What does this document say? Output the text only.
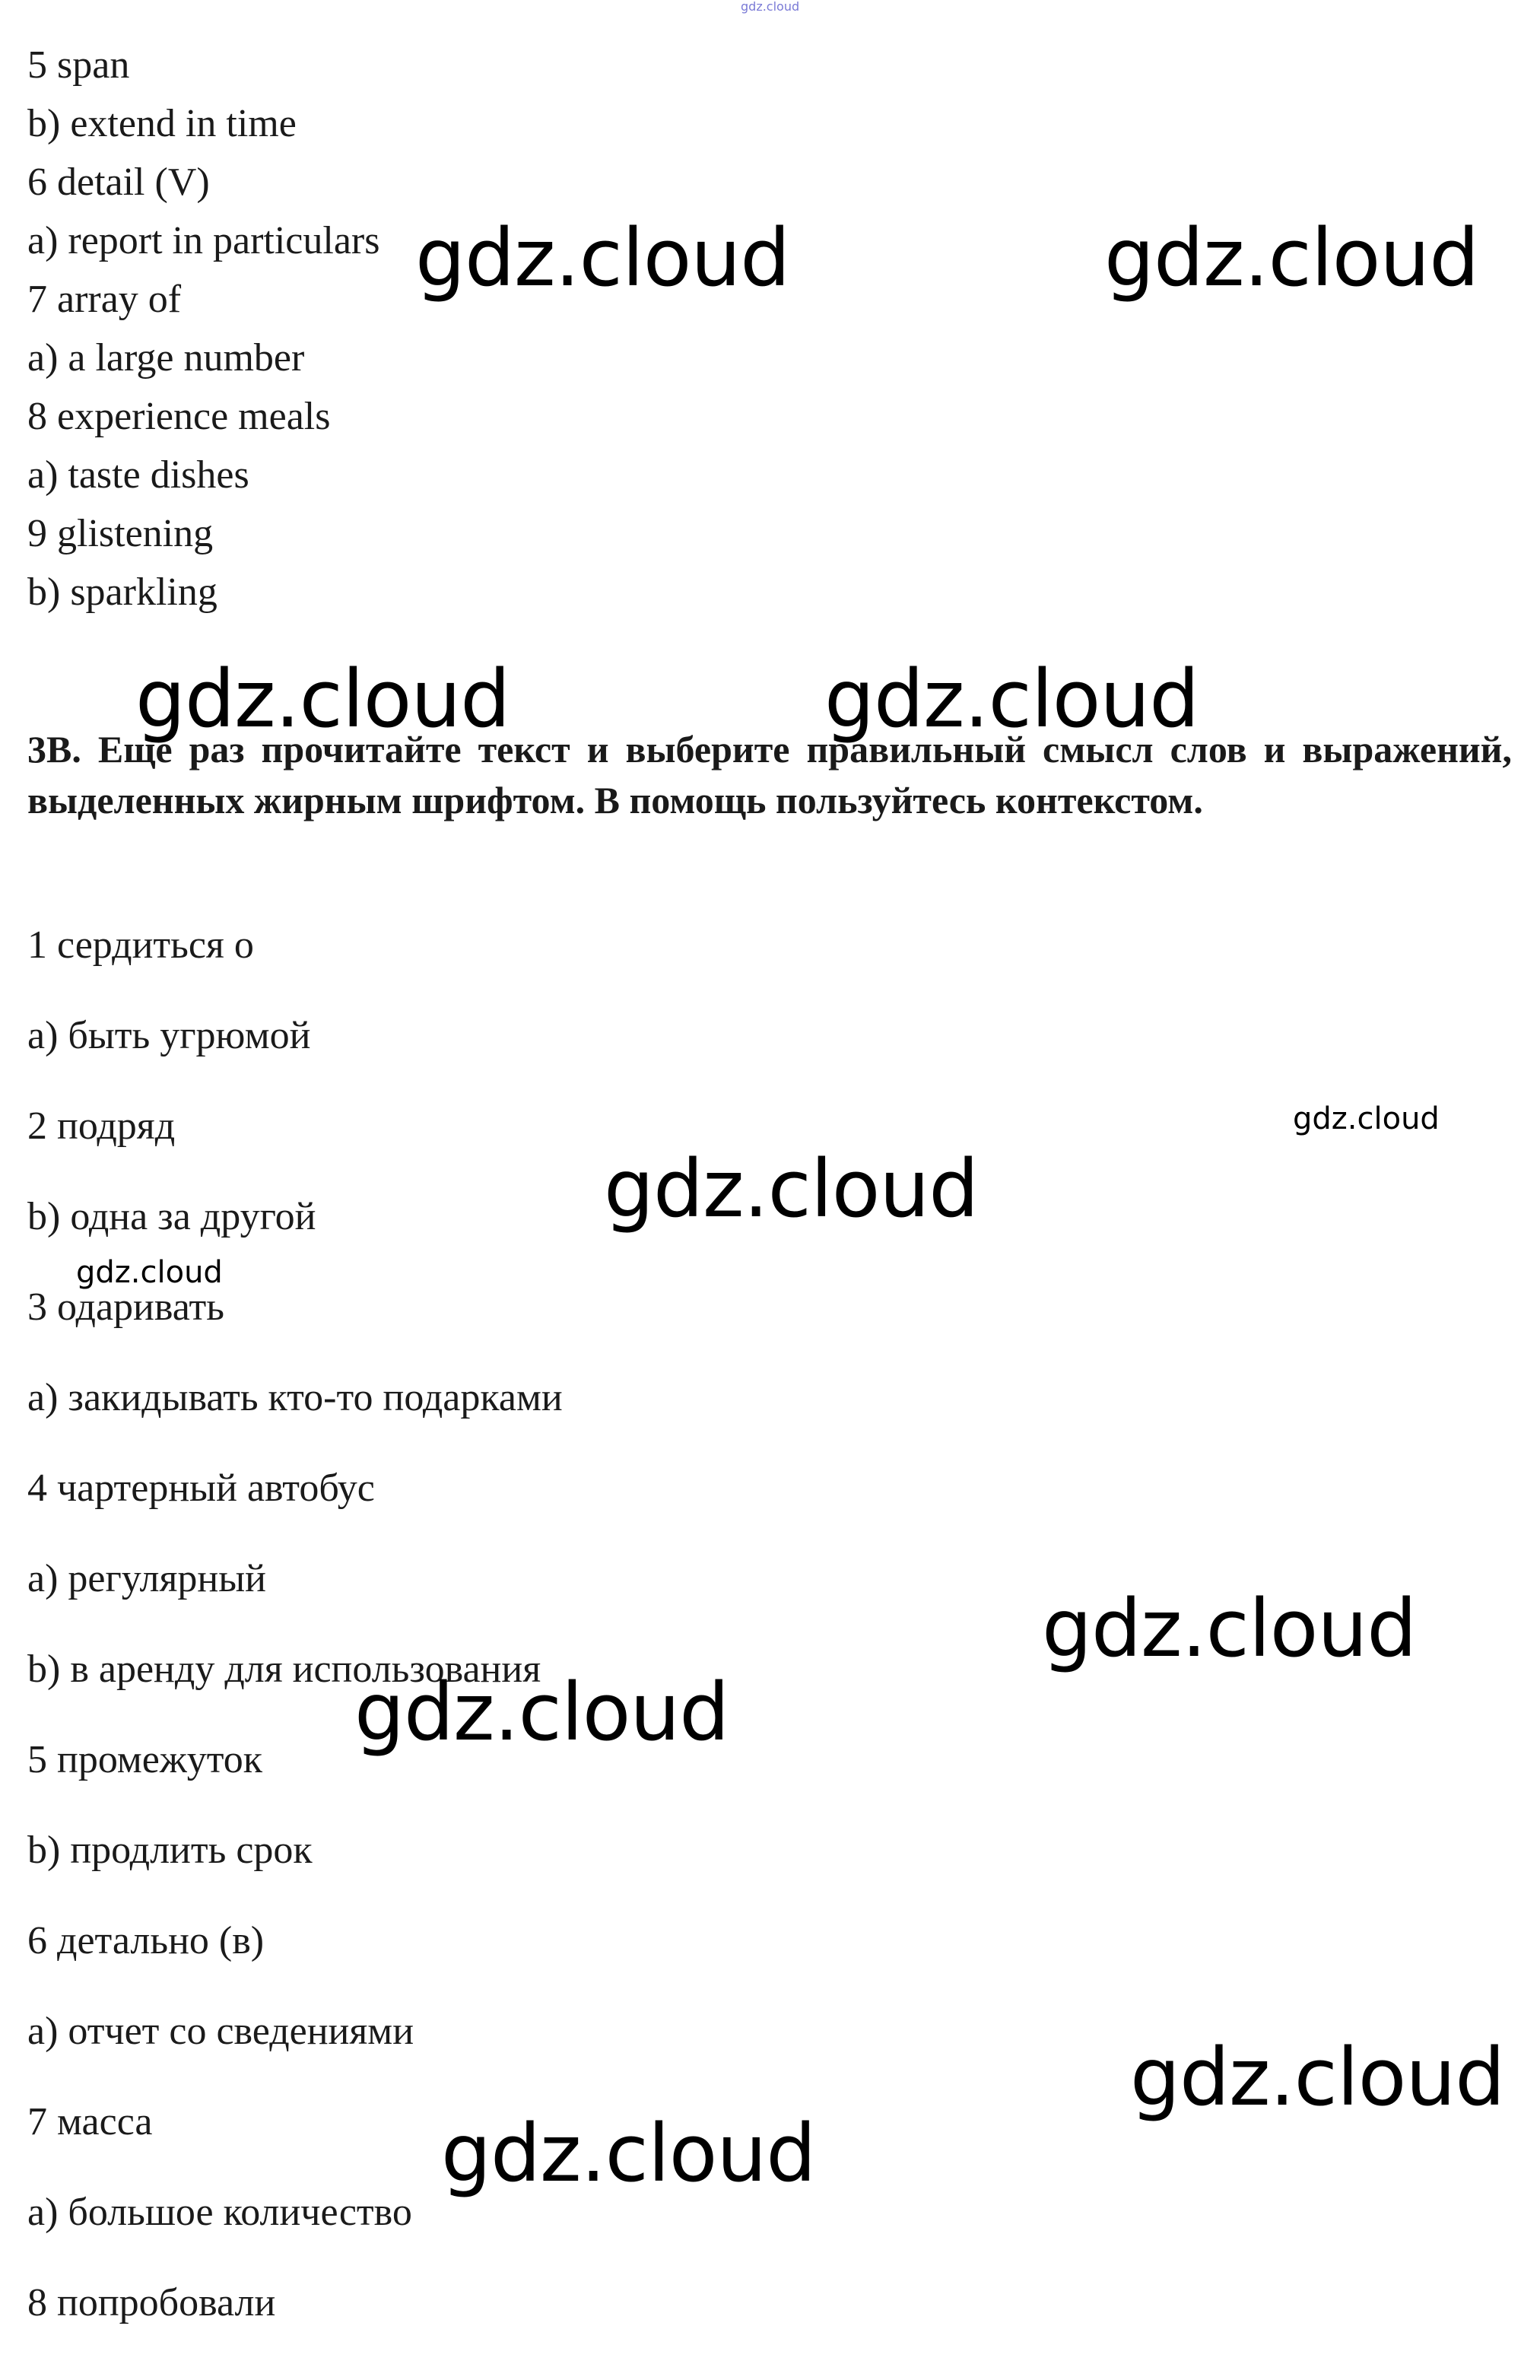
gdz.cloud
5 span
b) extend in time
6 detail (V)
a) report in particulars
7 array of
a) a large number
8 experience meals
a) taste dishes
9 glistening
b) sparkling
3B. Еще раз прочитайте текст и выберите правильный смысл слов и выражений, выделенных жирным шрифтом. В помощь пользуйтесь контекстом.
1 сердиться о
а) быть угрюмой
2 подряд
b) одна за другой
3 одаривать
а) закидывать кто-то подарками
4 чартерный автобус
а) регулярный
b) в аренду для использования
5 промежуток
b) продлить срок
6 детально (в)
а) отчет со сведениями
7 масса
а) большое количество
8 попробовали
gdz.cloud	gdz.cloud
gdz.cloud	gdz.cloud
gdz.cloud
gdz.cloud
gdz.cloud
gdz.cloud
gdz.cloud
gdz.cloud
gdz.cloud
